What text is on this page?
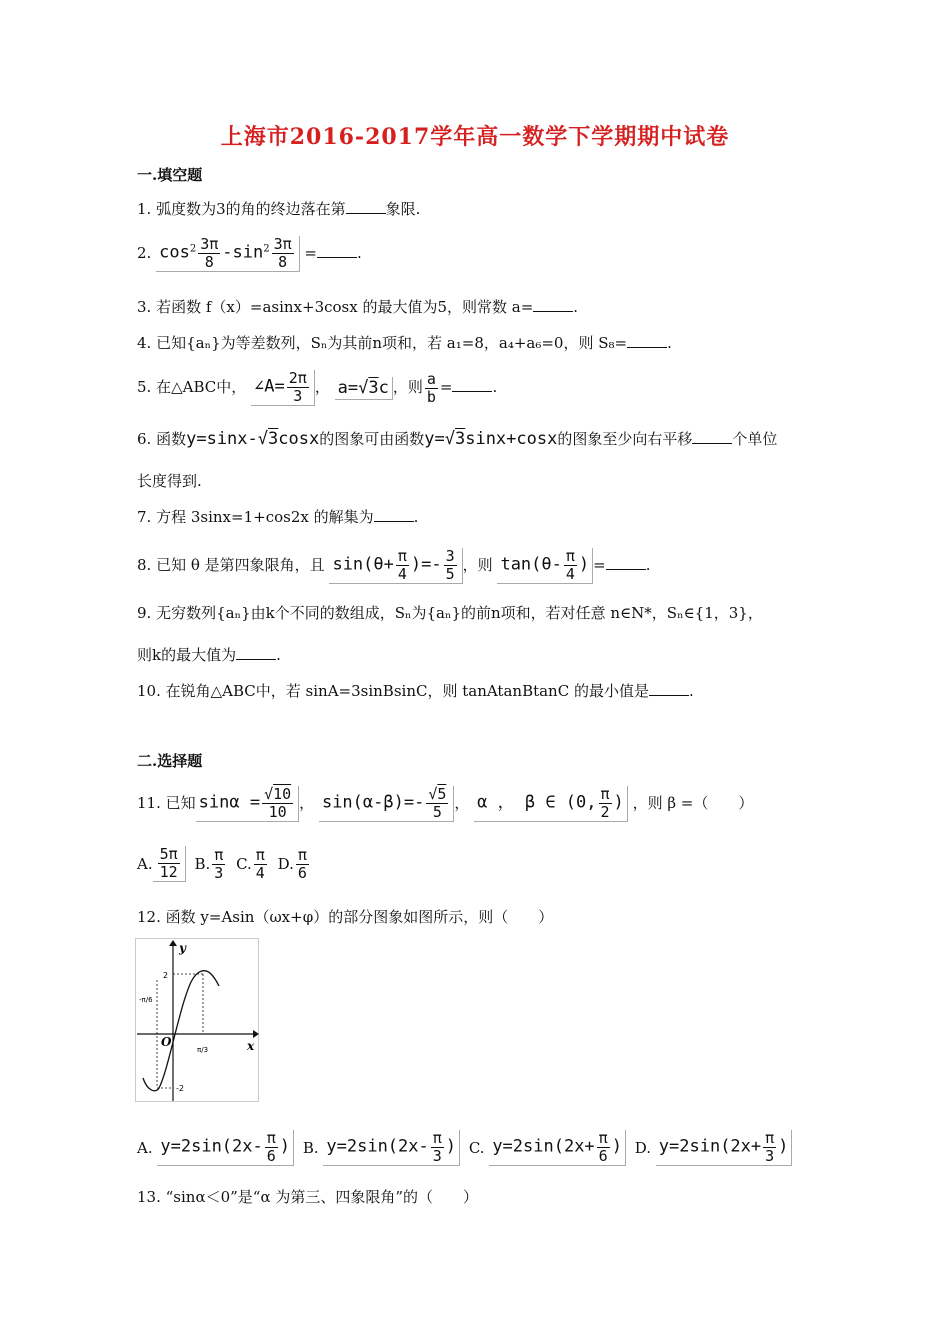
上海市2016-2017学年高一数学下学期期中试卷
一.填空题
1. 弧度数为3的角的终边落在第	象限.
2. $\cos^2 \frac{3\pi}{8} -\sin^2 \frac{3\pi}{8}$ =	.
3. 若函数 f（x）=asinx+3cosx 的最大值为5，则常数 a=	.
4. 已知{aₙ}为等差数列，Sₙ为其前n项和，若 a₁=8，a₄+a₆=0，则 S₈=	.
5. 在△ABC中， ∠A= $\frac{2\pi}{3}$ ， a= √ 3c ，则 $\frac{a}{b}$ =	.
6. 函数y=sinx- √ 3cosx的图象可由函数y= √ 3sinx+cosx的图象至少向右平移	个单位
长度得到.
7. 方程 3sinx=1+cos2x 的解集为	.
8. 已知 θ 是第四象限角，且 $\sin(\theta+ \frac{\pi}{4}$ )=- $\frac{3}{5}$ ，则 $\tan(\theta- \frac{\pi}{4}$ ) =	.
9. 无穷数列{aₙ}由k个不同的数组成，Sₙ为{aₙ}的前n项和，若对任意 n∈N*，Sₙ∈{1，3}，
则k的最大值为	.
10. 在锐角△ABC中，若 sinA=3sinBsinC，则 tanAtanBtanC 的最小值是	.
二.选择题
11. 已知 sinα = √ $\frac{10}{10}$ ， sin(α-β)=- √ $\frac{5}{5}$ ， α ， β ∈ (0, $\frac{\pi}{2}$ ) ，则 β =（　　）
A. $\frac{5\pi}{12}$
B. $\frac{\pi}{3}$
C. $\frac{\pi}{4}$
D. $\frac{\pi}{6}$
12. 函数 y=Asin（ωx+φ）的部分图象如图所示，则（　　）
y
x
O
2
-2
-π/6
π/3
A.
$y=2\sin(2x- \frac{\pi}{6}$ )
B.
$y=2\sin(2x- \frac{\pi}{3}$ )
C.
$y=2\sin(2x+ \frac{\pi}{6}$ )
D.
$y=2\sin(2x+ \frac{\pi}{3}$ )
13. “sinα＜0”是“α 为第三、四象限角”的（　　）
